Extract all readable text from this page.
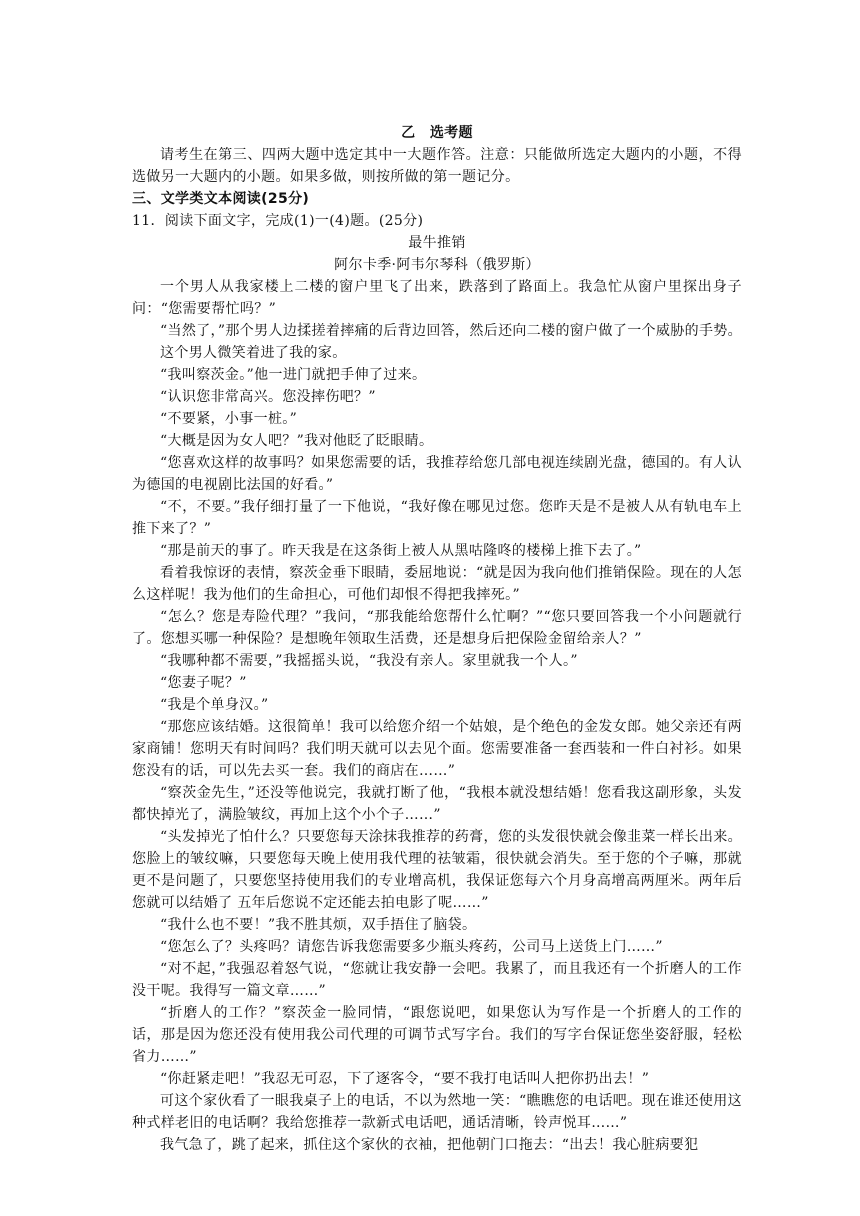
乙　选考题
请考生在第三、四两大题中选定其中一大题作答。注意：只能做所选定大题内的小题，不得选做另一大题内的小题。如果多做，则按所做的第一题记分。
三、文学类文本阅读(25分)
11．阅读下面文字，完成(1)一(4)题。(25分)
最牛推销
阿尔卡季·阿韦尔琴科（俄罗斯）
一个男人从我家楼上二楼的窗户里飞了出来，跌落到了路面上。我急忙从窗户里探出身子问：“您需要帮忙吗？”
“当然了，”那个男人边揉搓着摔痛的后背边回答，然后还向二楼的窗户做了一个威胁的手势。
这个男人微笑着进了我的家。
“我叫察茨金。”他一进门就把手伸了过来。
“认识您非常高兴。您没摔伤吧？”
“不要紧，小事一桩。”
“大概是因为女人吧？”我对他眨了眨眼睛。
“您喜欢这样的故事吗？如果您需要的话，我推荐给您几部电视连续剧光盘，德国的。有人认为德国的电视剧比法国的好看。”
“不，不要。”我仔细打量了一下他说，“我好像在哪见过您。您昨天是不是被人从有轨电车上推下来了？”
“那是前天的事了。昨天我是在这条街上被人从黑咕隆咚的楼梯上推下去了。”
看着我惊讶的表情，察茨金垂下眼睛，委屈地说：“就是因为我向他们推销保险。现在的人怎么这样呢！我为他们的生命担心，可他们却恨不得把我摔死。”
“怎么？您是寿险代理？”我问，“那我能给您帮什么忙啊？”“您只要回答我一个小问题就行了。您想买哪一种保险？是想晚年领取生活费，还是想身后把保险金留给亲人？”
“我哪种都不需要，”我摇摇头说，“我没有亲人。家里就我一个人。”
“您妻子呢？”
“我是个单身汉。”
“那您应该结婚。这很简单！我可以给您介绍一个姑娘，是个绝色的金发女郎。她父亲还有两家商铺！您明天有时间吗？我们明天就可以去见个面。您需要准备一套西装和一件白衬衫。如果您没有的话，可以先去买一套。我们的商店在……”
“察茨金先生，”还没等他说完，我就打断了他，“我根本就没想结婚！您看我这副形象，头发都快掉光了，满脸皱纹，再加上这个小个子……”
“头发掉光了怕什么？只要您每天涂抹我推荐的药膏，您的头发很快就会像韭菜一样长出来。您脸上的皱纹嘛，只要您每天晚上使用我代理的祛皱霜，很快就会消失。至于您的个子嘛，那就更不是问题了，只要您坚持使用我们的专业增高机，我保证您每六个月身高增高两厘米。两年后您就可以结婚了 五年后您说不定还能去拍电影了呢……”
“我什么也不要！”我不胜其烦，双手捂住了脑袋。
“您怎么了？头疼吗？请您告诉我您需要多少瓶头疼药，公司马上送货上门……”
“对不起，”我强忍着怒气说，“您就让我安静一会吧。我累了，而且我还有一个折磨人的工作没干呢。我得写一篇文章……”
“折磨人的工作？”察茨金一脸同情，“跟您说吧，如果您认为写作是一个折磨人的工作的话，那是因为您还没有使用我公司代理的可调节式写字台。我们的写字台保证您坐姿舒服，轻松省力……”
“你赶紧走吧！”我忍无可忍，下了逐客令，“要不我打电话叫人把你扔出去！”
可这个家伙看了一眼我桌子上的电话，不以为然地一笑：“瞧瞧您的电话吧。现在谁还使用这种式样老旧的电话啊？我给您推荐一款新式电话吧，通话清晰，铃声悦耳……”
我气急了，跳了起来，抓住这个家伙的衣袖，把他朝门口拖去：“出去！我心脏病要犯
